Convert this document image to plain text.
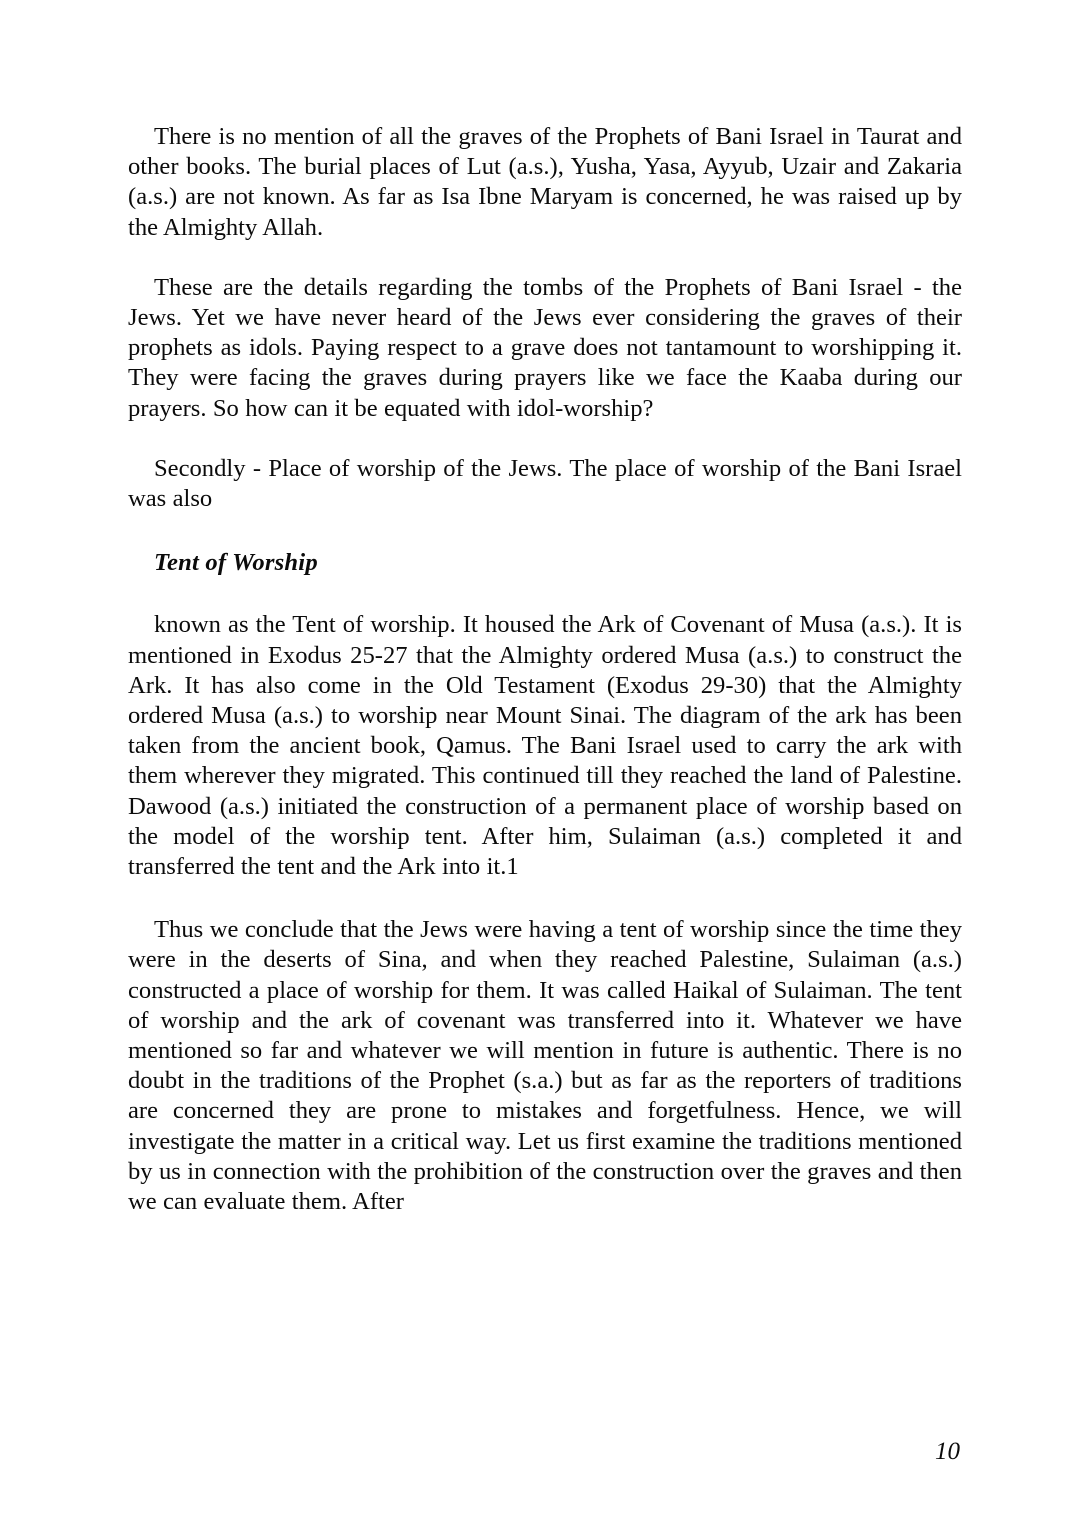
There is no mention of all the graves of the Prophets of Bani Israel in Taurat and other books. The burial places of Lut (a.s.), Yusha, Yasa, Ayyub, Uzair and Zakaria (a.s.) are not known. As far as Isa Ibne Maryam is concerned, he was raised up by the Almighty Allah.

These are the details regarding the tombs of the Prophets of Bani Israel - the Jews. Yet we have never heard of the Jews ever considering the graves of their prophets as idols. Paying respect to a grave does not tantamount to worshipping it. They were facing the graves during prayers like we face the Kaaba during our prayers. So how can it be equated with idol-worship?

Secondly - Place of worship of the Jews. The place of worship of the Bani Israel was also

Tent of Worship

known as the Tent of worship. It housed the Ark of Covenant of Musa (a.s.). It is mentioned in Exodus 25-27 that the Almighty ordered Musa (a.s.) to construct the Ark. It has also come in the Old Testament (Exodus 29-30) that the Almighty ordered Musa (a.s.) to worship near Mount Sinai. The diagram of the ark has been taken from the ancient book, Qamus. The Bani Israel used to carry the ark with them wherever they migrated. This continued till they reached the land of Palestine. Dawood (a.s.) initiated the construction of a permanent place of worship based on the model of the worship tent. After him, Sulaiman (a.s.) completed it and transferred the tent and the Ark into it.1

Thus we conclude that the Jews were having a tent of worship since the time they were in the deserts of Sina, and when they reached Palestine, Sulaiman (a.s.) constructed a place of worship for them. It was called Haikal of Sulaiman. The tent of worship and the ark of covenant was transferred into it. Whatever we have mentioned so far and whatever we will mention in future is authentic. There is no doubt in the traditions of the Prophet (s.a.) but as far as the reporters of traditions are concerned they are prone to mistakes and forgetfulness. Hence, we will investigate the matter in a critical way. Let us first examine the traditions mentioned by us in connection with the prohibition of the construction over the graves and then we can evaluate them. After

10
